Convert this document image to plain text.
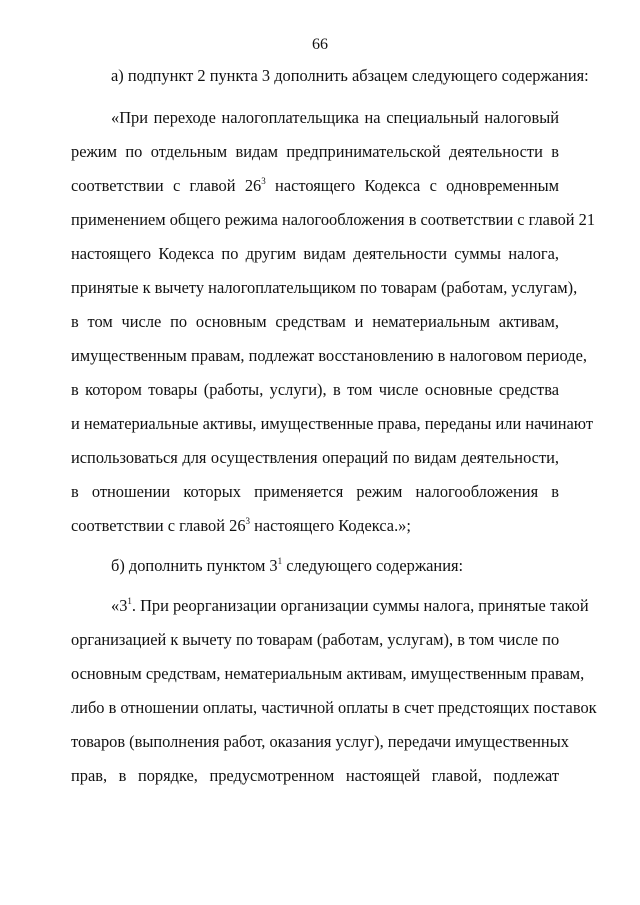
66
а) подпункт 2 пункта 3 дополнить абзацем следующего содержания:
«При переходе налогоплательщика на специальный налоговый
режим по отдельным видам предпринимательской деятельности в
соответствии с главой $26^3$ настоящего Кодекса с одновременным
применением общего режима налогообложения в соответствии с главой 21
настоящего Кодекса по другим видам деятельности суммы налога,
принятые к вычету налогоплательщиком по товарам (работам, услугам),
в том числе по основным средствам и нематериальным активам,
имущественным правам, подлежат восстановлению в налоговом периоде,
в котором товары (работы, услуги), в том числе основные средства
и нематериальные активы, имущественные права, переданы или начинают
использоваться для осуществления операций по видам деятельности,
в отношении которых применяется режим налогообложения в
соответствии с главой $26^3$ настоящего Кодекса.»;
б) дополнить пунктом $3^1$ следующего содержания:
«$3^1$. При реорганизации организации суммы налога, принятые такой
организацией к вычету по товарам (работам, услугам), в том числе по
основным средствам, нематериальным активам, имущественным правам,
либо в отношении оплаты, частичной оплаты в счет предстоящих поставок
товаров (выполнения работ, оказания услуг), передачи имущественных
прав, в порядке, предусмотренном настоящей главой, подлежат
